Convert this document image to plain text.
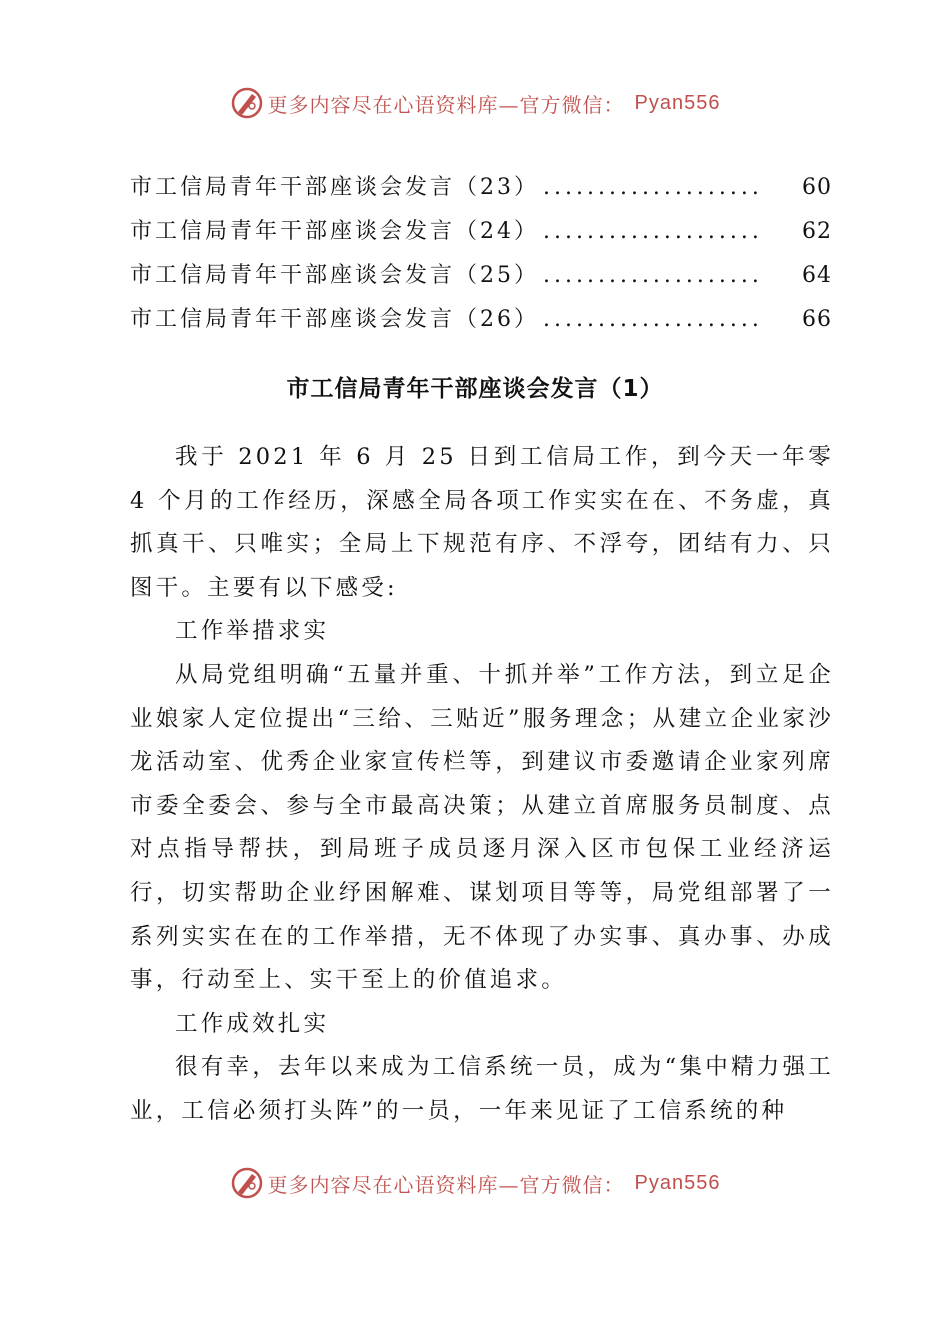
更多内容尽在心语资料库—官方微信： Pyan556
市工信局青年干部座谈会发言（23） ....................	60
市工信局青年干部座谈会发言（24） ....................	62
市工信局青年干部座谈会发言（25） ....................	64
市工信局青年干部座谈会发言（26） ....................	66
市工信局青年干部座谈会发言（1）

我于 2021 年 6 月 25 日到工信局工作，到今天一年零 4 个月的工作经历，深感全局各项工作实实在在、不务虚，真抓真干、只唯实；全局上下规范有序、不浮夸，团结有力、只图干。主要有以下感受:

工作举措求实

从局党组明确“五量并重、十抓并举”工作方法，到立足企业娘家人定位提出“三给、三贴近”服务理念；从建立企业家沙龙活动室、优秀企业家宣传栏等，到建议市委邀请企业家列席市委全委会、参与全市最高决策；从建立首席服务员制度、点对点指导帮扶，到局班子成员逐月深入区市包保工业经济运行，切实帮助企业纾困解难、谋划项目等等，局党组部署了一系列实实在在的工作举措，无不体现了办实事、真办事、办成事，行动至上、实干至上的价值追求。

工作成效扎实

很有幸，去年以来成为工信系统一员，成为“集中精力强工业，工信必须打头阵”的一员，一年来见证了工信系统的种

更多内容尽在心语资料库—官方微信： Pyan556
